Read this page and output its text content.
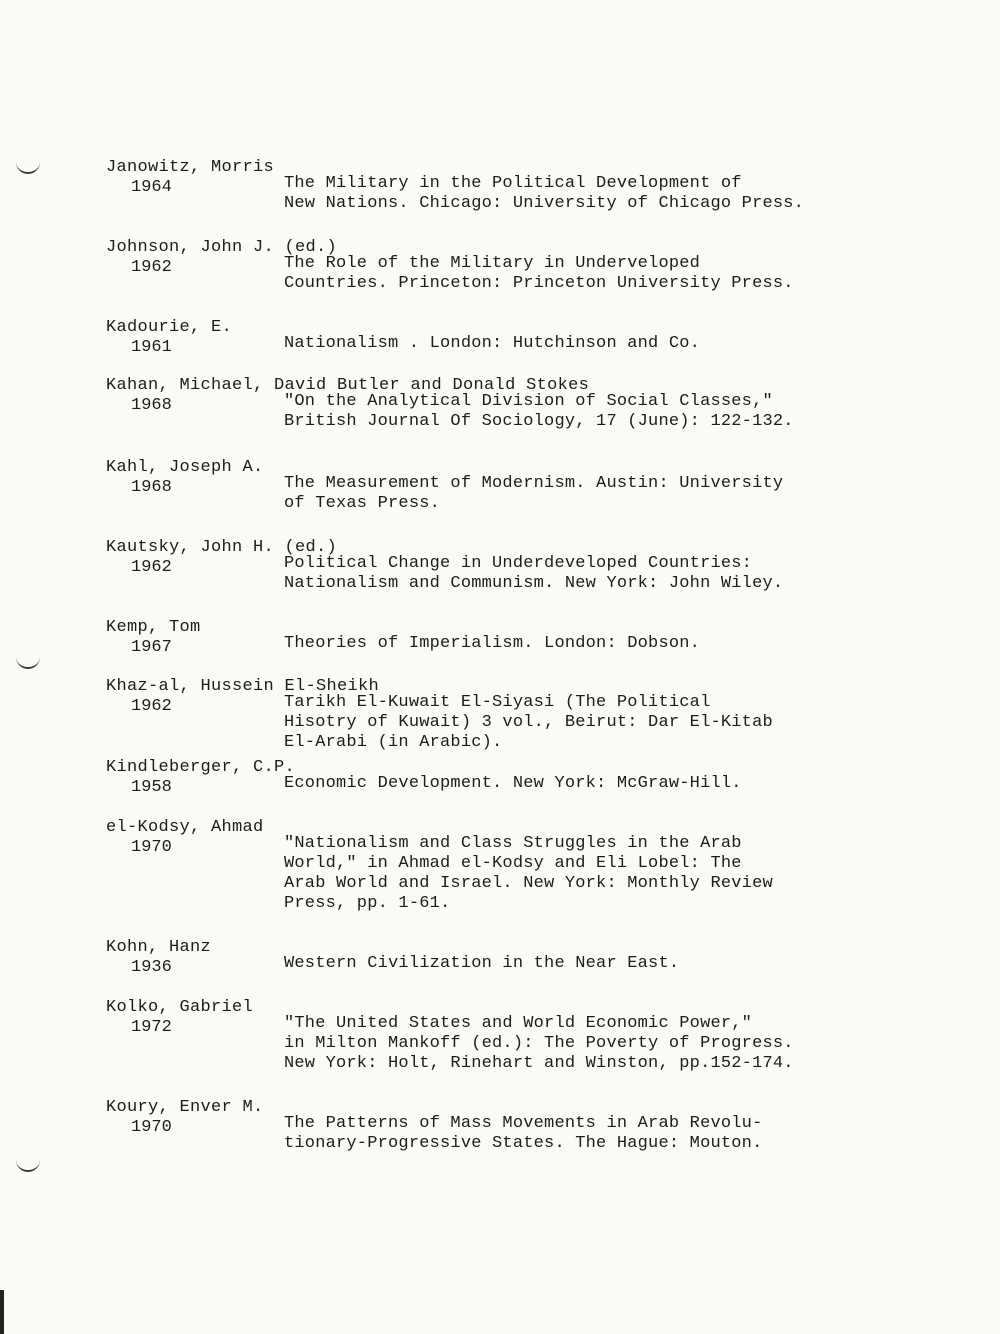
Janowitz, Morris
1964	The Military in the Political Development of
New Nations. Chicago: University of Chicago Press.
Johnson, John J. (ed.)
1962	The Role of the Military in Underveloped
Countries. Princeton: Princeton University Press.
Kadourie, E.
1961	Nationalism . London: Hutchinson and Co.
Kahan, Michael, David Butler and Donald Stokes
1968	"On the Analytical Division of Social Classes,"
British Journal Of Sociology, 17 (June): 122-132.
Kahl, Joseph A.
1968	The Measurement of Modernism. Austin: University
of Texas Press.
Kautsky, John H. (ed.)
1962	Political Change in Underdeveloped Countries:
Nationalism and Communism. New York: John Wiley.
Kemp, Tom
1967	Theories of Imperialism. London: Dobson.
Khaz-al, Hussein El-Sheikh
1962	Tarikh El-Kuwait El-Siyasi (The Political
Hisotry of Kuwait) 3 vol., Beirut: Dar El-Kitab
El-Arabi (in Arabic).
Kindleberger, C.P.
1958	Economic Development. New York: McGraw-Hill.
el-Kodsy, Ahmad
1970	"Nationalism and Class Struggles in the Arab
World," in Ahmad el-Kodsy and Eli Lobel: The
Arab World and Israel. New York: Monthly Review
Press, pp. 1-61.
Kohn, Hanz
1936	Western Civilization in the Near East.
Kolko, Gabriel
1972	"The United States and World Economic Power,"
in Milton Mankoff (ed.): The Poverty of Progress.
New York: Holt, Rinehart and Winston, pp.152-174.
Koury, Enver M.
1970	The Patterns of Mass Movements in Arab Revolu-
tionary-Progressive States. The Hague: Mouton.
